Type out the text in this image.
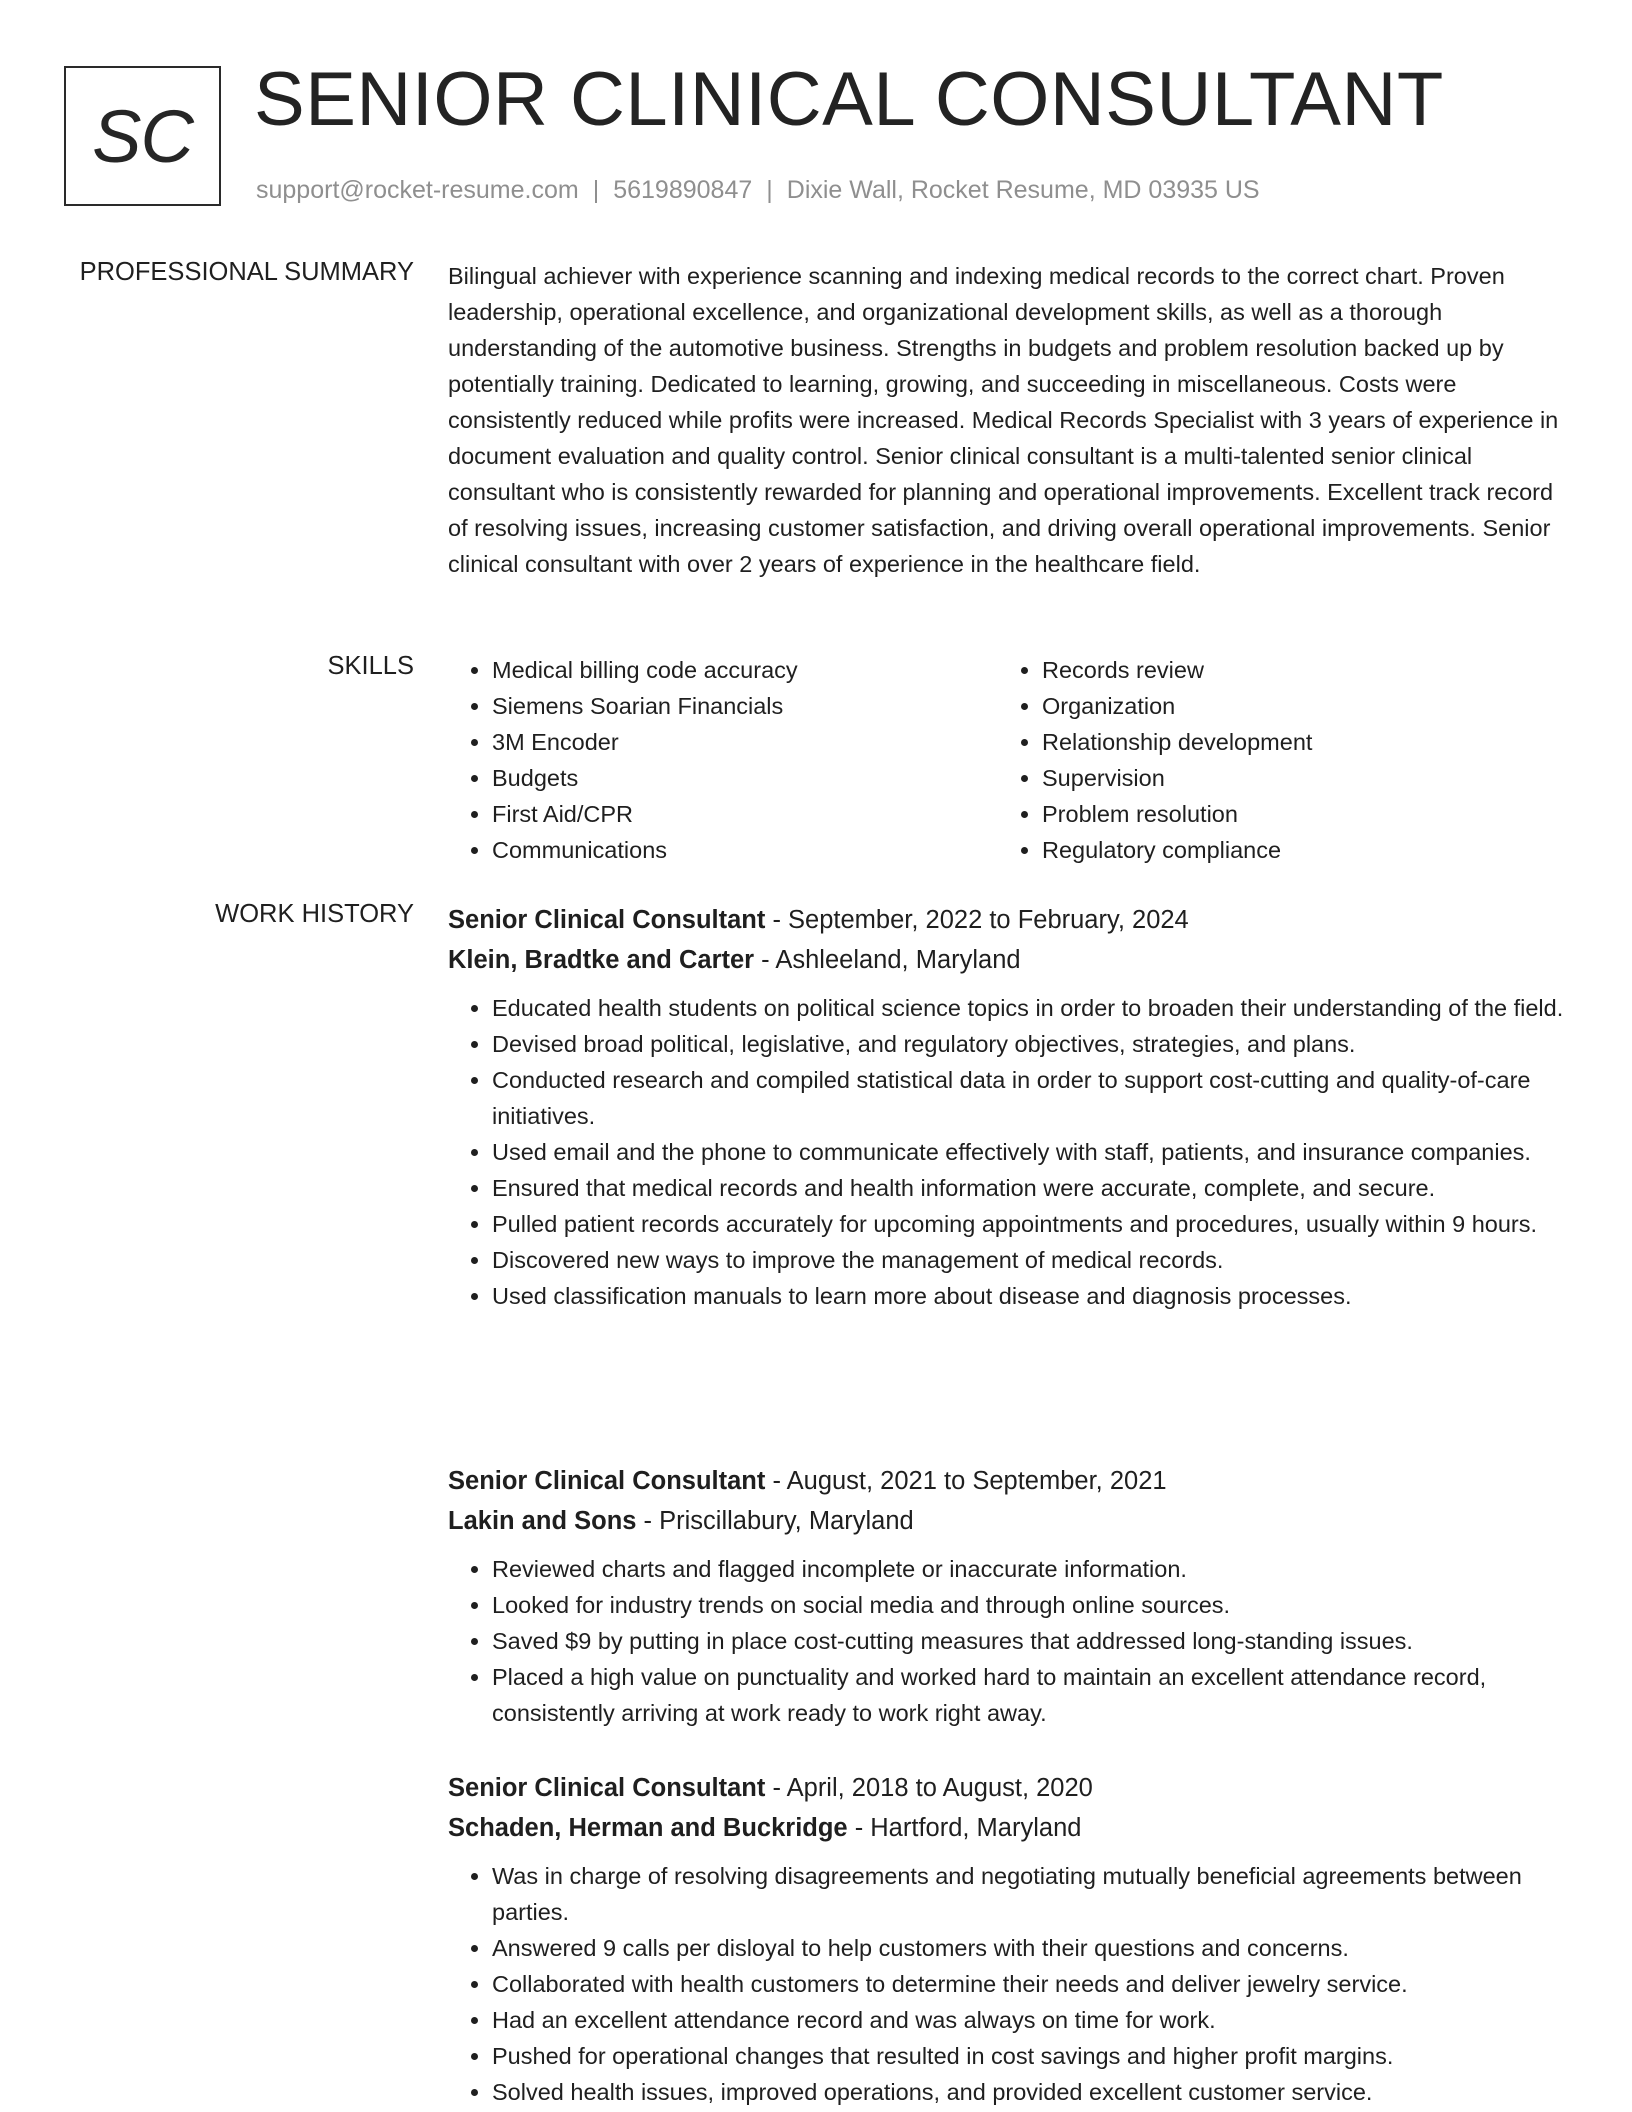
SC SENIOR CLINICAL CONSULTANT
support@rocket-resume.com | 5619890847 | Dixie Wall, Rocket Resume, MD 03935 US
PROFESSIONAL SUMMARY Bilingual achiever with experience scanning and indexing medical records to the correct chart. Proven leadership, operational excellence, and organizational development skills, as well as a thorough understanding of the automotive business. Strengths in budgets and problem resolution backed up by potentially training. Dedicated to learning, growing, and succeeding in miscellaneous. Costs were consistently reduced while profits were increased. Medical Records Specialist with 3 years of experience in document evaluation and quality control. Senior clinical consultant is a multi-talented senior clinical consultant who is consistently rewarded for planning and operational improvements. Excellent track record of resolving issues, increasing customer satisfaction, and driving overall operational improvements. Senior clinical consultant with over 2 years of experience in the healthcare field.
SKILLS
•	Medical billing code accuracy
• Siemens Soarian Financials
• 3M Encoder
• Budgets
• First Aid/CPR
• Communications
• Records review
• Organization
• Relationship development
• Supervision
• Problem resolution
• Regulatory compliance
WORK HISTORY Senior Clinical Consultant - September, 2022 to February, 2024
Klein, Bradtke and Carter - Ashleeland, Maryland
• Educated health students on political science topics in order to broaden their understanding of the field.
• Devised broad political, legislative, and regulatory objectives, strategies, and plans.
• Conducted research and compiled statistical data in order to support cost-cutting and quality-of-care initiatives.
• Used email and the phone to communicate effectively with staff, patients, and insurance companies.
• Ensured that medical records and health information were accurate, complete, and secure.
• Pulled patient records accurately for upcoming appointments and procedures, usually within 9 hours.
• Discovered new ways to improve the management of medical records.
• Used classification manuals to learn more about disease and diagnosis processes.
Senior Clinical Consultant - August, 2021 to September, 2021
Lakin and Sons - Priscillabury, Maryland
• Reviewed charts and flagged incomplete or inaccurate information.
• Looked for industry trends on social media and through online sources.
• Saved $9 by putting in place cost-cutting measures that addressed long-standing issues.
• Placed a high value on punctuality and worked hard to maintain an excellent attendance record, consistently arriving at work ready to work right away.
Senior Clinical Consultant - April, 2018 to August, 2020
Schaden, Herman and Buckridge - Hartford, Maryland
• Was in charge of resolving disagreements and negotiating mutually beneficial agreements between parties.
• Answered 9 calls per disloyal to help customers with their questions and concerns.
• Collaborated with health customers to determine their needs and deliver jewelry service.
• Had an excellent attendance record and was always on time for work.
• Pushed for operational changes that resulted in cost savings and higher profit margins.
• Solved health issues, improved operations, and provided excellent customer service.
